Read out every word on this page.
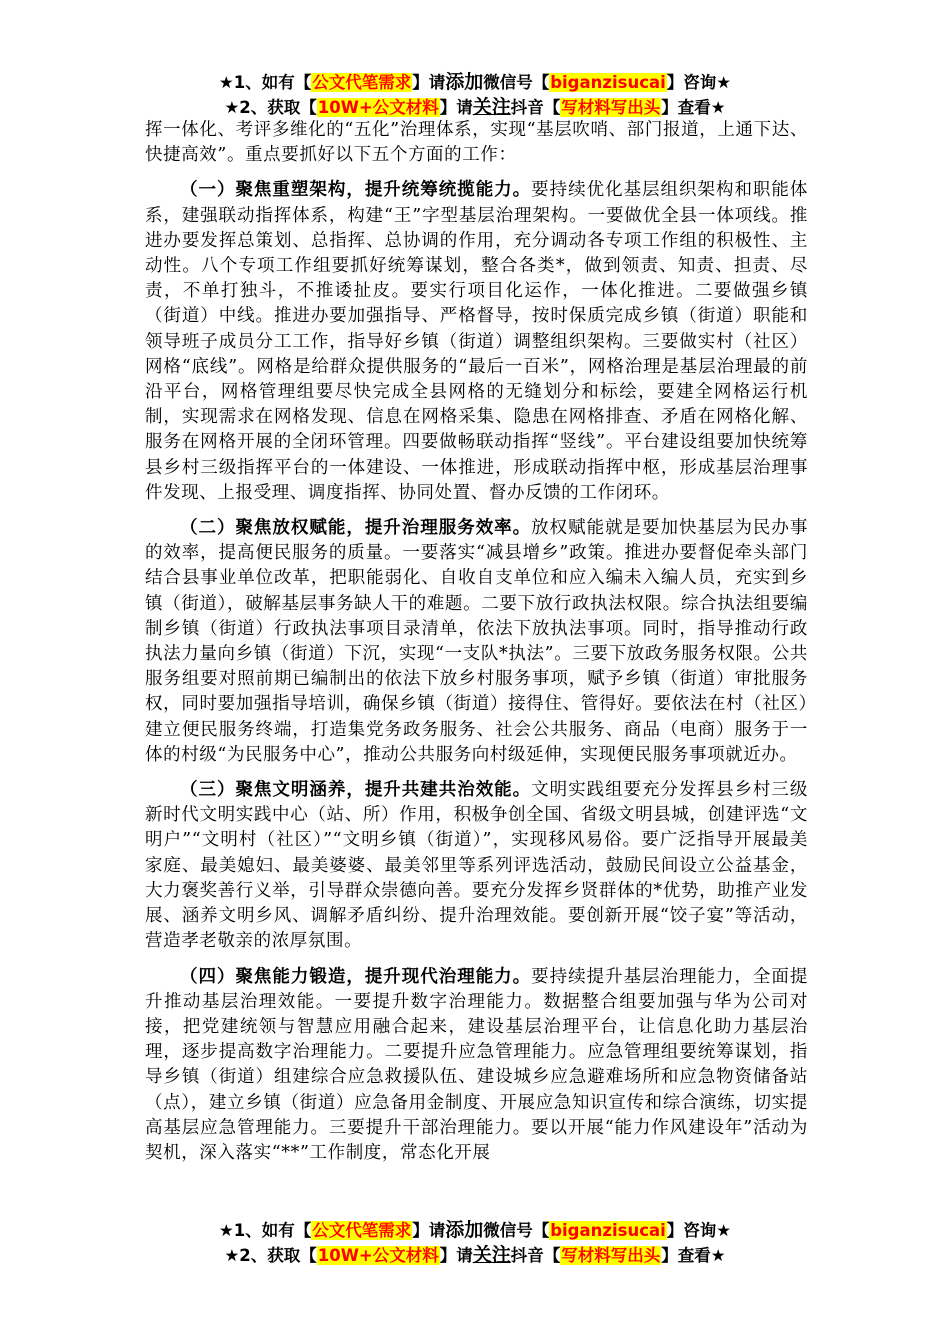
★1、如有【公文代笔需求】请添加微信号【biganzisucai】咨询★
★2、获取【10W+公文材料】请关注抖音【写材料写出头】查看★

挥一体化、考评多维化的“五化”治理体系，实现“基层吹哨、部门报道，上通下达、快捷高效”。重点要抓好以下五个方面的工作：

（一）聚焦重塑架构，提升统筹统揽能力。要持续优化基层组织架构和职能体系，建强联动指挥体系，构建“王”字型基层治理架构。一要做优全县一体项线。推进办要发挥总策划、总指挥、总协调的作用，充分调动各专项工作组的积极性、主动性。八个专项工作组要抓好统筹谋划，整合各类*，做到领责、知责、担责、尽责，不单打独斗，不推诿扯皮。要实行项目化运作，一体化推进。二要做强乡镇（街道）中线。推进办要加强指导、严格督导，按时保质完成乡镇（街道）职能和领导班子成员分工工作，指导好乡镇（街道）调整组织架构。三要做实村（社区）网格“底线”。网格是给群众提供服务的“最后一百米”，网格治理是基层治理最的前沿平台，网格管理组要尽快完成全县网格的无缝划分和标绘，要建全网格运行机制，实现需求在网格发现、信息在网格采集、隐患在网格排查、矛盾在网格化解、服务在网格开展的全闭环管理。四要做畅联动指挥“竖线”。平台建设组要加快统筹县乡村三级指挥平台的一体建设、一体推进，形成联动指挥中枢，形成基层治理事件发现、上报受理、调度指挥、协同处置、督办反馈的工作闭环。

（二）聚焦放权赋能，提升治理服务效率。放权赋能就是要加快基层为民办事的效率，提高便民服务的质量。一要落实“减县增乡”政策。推进办要督促牵头部门结合县事业单位改革，把职能弱化、自收自支单位和应入编未入编人员，充实到乡镇（街道），破解基层事务缺人干的难题。二要下放行政执法权限。综合执法组要编制乡镇（街道）行政执法事项目录清单，依法下放执法事项。同时，指导推动行政执法力量向乡镇（街道）下沉，实现“一支队*执法”。三要下放政务服务权限。公共服务组要对照前期已编制出的依法下放乡村服务事项，赋予乡镇（街道）审批服务权，同时要加强指导培训，确保乡镇（街道）接得住、管得好。要依法在村（社区）建立便民服务终端，打造集党务政务服务、社会公共服务、商品（电商）服务于一体的村级“为民服务中心”，推动公共服务向村级延伸，实现便民服务事项就近办。

（三）聚焦文明涵养，提升共建共治效能。文明实践组要充分发挥县乡村三级新时代文明实践中心（站、所）作用，积极争创全国、省级文明县城，创建评选“文明户”“文明村（社区）”“文明乡镇（街道）”，实现移风易俗。要广泛指导开展最美家庭、最美媳妇、最美婆婆、最美邻里等系列评选活动，鼓励民间设立公益基金，大力褒奖善行义举，引导群众崇德向善。要充分发挥乡贤群体的*优势，助推产业发展、涵养文明乡风、调解矛盾纠纷、提升治理效能。要创新开展“饺子宴”等活动，营造孝老敬亲的浓厚氛围。

（四）聚焦能力锻造，提升现代治理能力。要持续提升基层治理能力，全面提升推动基层治理效能。一要提升数字治理能力。数据整合组要加强与华为公司对接，把党建统领与智慧应用融合起来，建设基层治理平台，让信息化助力基层治理，逐步提高数字治理能力。二要提升应急管理能力。应急管理组要统筹谋划，指导乡镇（街道）组建综合应急救援队伍、建设城乡应急避难场所和应急物资储备站（点），建立乡镇（街道）应急备用金制度、开展应急知识宣传和综合演练，切实提高基层应急管理能力。三要提升干部治理能力。要以开展“能力作风建设年”活动为契机，深入落实“**”工作制度，常态化开展

★1、如有【公文代笔需求】请添加微信号【biganzisucai】咨询★
★2、获取【10W+公文材料】请关注抖音【写材料写出头】查看★
